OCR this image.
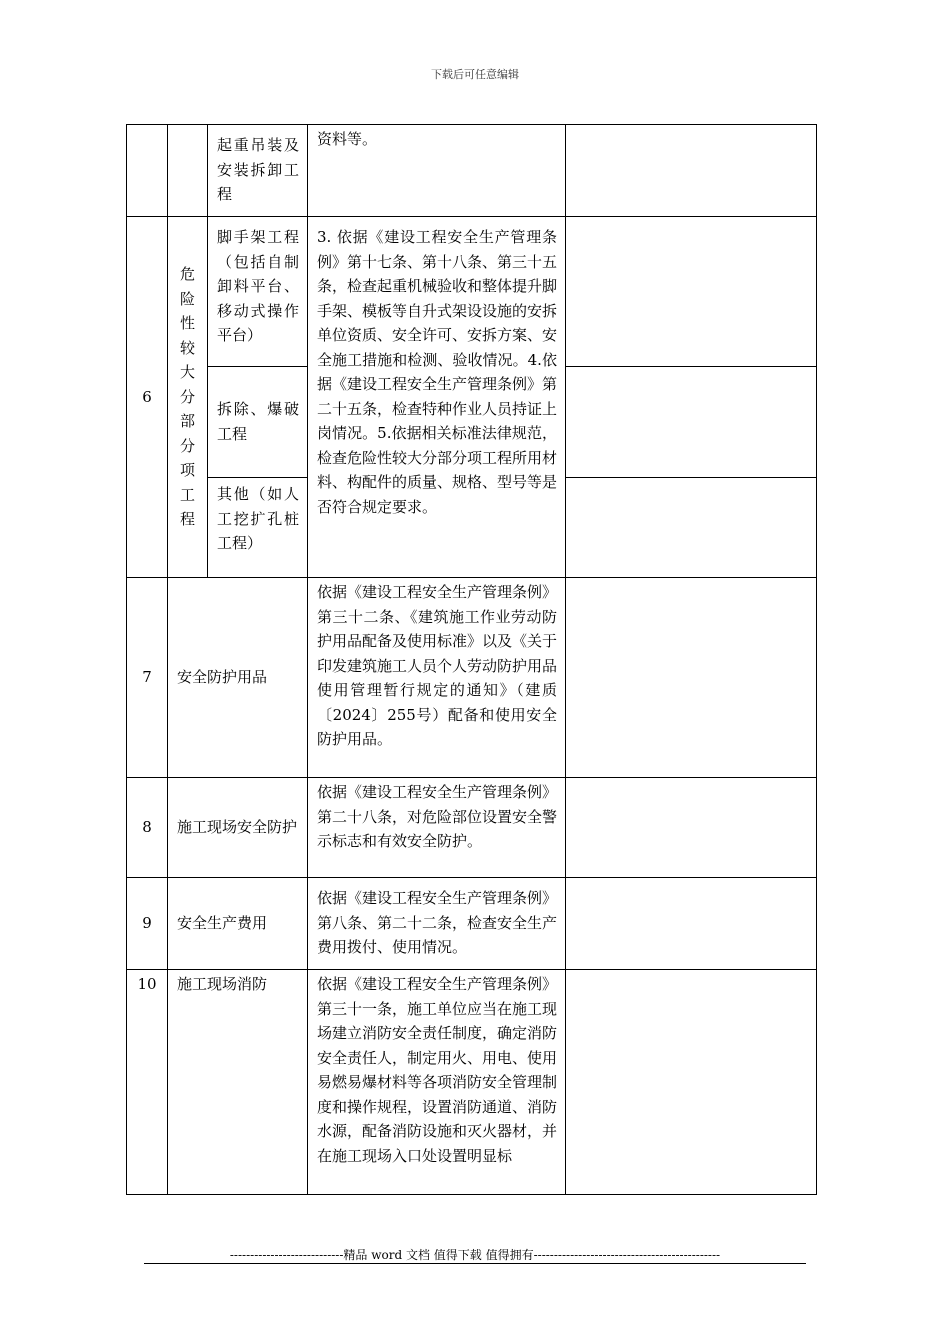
下载后可任意编辑
		起重吊装及安装拆卸工程	资料等。	
6	危险性较大分部分项工程	脚手架工程（包括自制卸料平台、移动式操作平台）	3. 依据《建设工程安全生产管理条例》第十七条、第十八条、第三十五条，检查起重机械验收和整体提升脚手架、模板等自升式架设设施的安拆单位资质、安全许可、安拆方案、安全施工措施和检测、验收情况。4.依据《建设工程安全生产管理条例》第二十五条，检查特种作业人员持证上岗情况。5.依据相关标准法律规范，检查危险性较大分部分项工程所用材料、构配件的质量、规格、型号等是否符合规定要求。	
		拆除、爆破工程		
		其他（如人工挖扩孔桩工程）		
7	安全防护用品		依据《建设工程安全生产管理条例》第三十二条、《建筑施工作业劳动防护用品配备及使用标准》以及《关于印发建筑施工人员个人劳动防护用品使用管理暂行规定的通知》（建质〔2024〕255号）配备和使用安全防护用品。	
8	施工现场安全防护		依据《建设工程安全生产管理条例》第二十八条，对危险部位设置安全警示标志和有效安全防护。	
9	安全生产费用		依据《建设工程安全生产管理条例》第八条、第二十二条，检查安全生产费用拨付、使用情况。	
10	施工现场消防		依据《建设工程安全生产管理条例》第三十一条，施工单位应当在施工现场建立消防安全责任制度，确定消防安全责任人，制定用火、用电、使用易燃易爆材料等各项消防安全管理制度和操作规程，设置消防通道、消防水源，配备消防设施和灭火器材，并在施工现场入口处设置明显标	
----------------------------精品 word 文档 值得下载 值得拥有----------------------------------------------
